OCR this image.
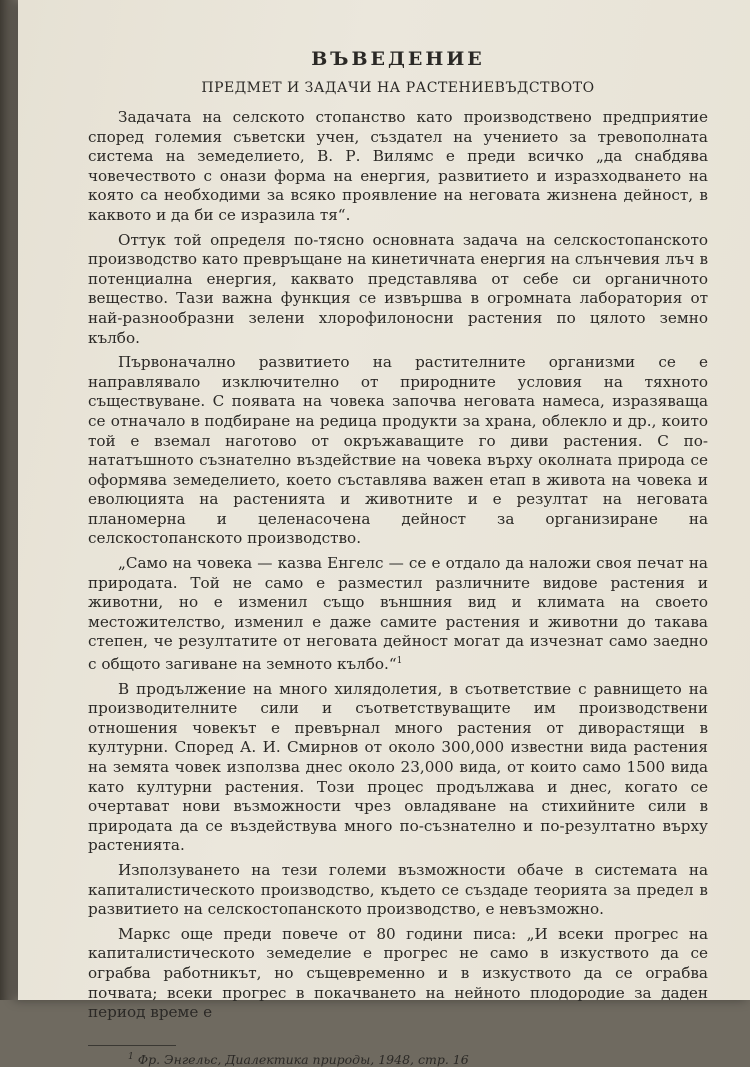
ВЪВЕДЕНИЕ
ПРЕДМЕТ И ЗАДАЧИ НА РАСТЕНИЕВЪДСТВОТО

Задачата на селското стопанство като производствено предприятие според големия съветски учен, създател на учението за тревополната система на земеделието, В. Р. Вилямс е преди всичко „да снабдява човечеството с онази форма на енергия, развитието и изразходването на която са необходими за всяко проявление на неговата жизнена дейност, в каквото и да би се изразила тя“.

Оттук той определя по-тясно основната задача на селскостопанското производство като превръщане на кинетичната енергия на слънчевия лъч в потенциална енергия, каквато представлява от себе си органичното вещество. Тази важна функция се извършва в огромната лаборатория от най-разнообразни зелени хлорофилоносни растения по цялото земно кълбо.

Първоначално развитието на растителните организми се е направлявало изключително от природните условия на тяхното съществуване. С появата на човека започва неговата намеса, изразяваща се отначало в подбиране на редица продукти за храна, облекло и др., които той е вземал наготово от окръжаващите го диви растения. С по-нататъшното съзнателно въздействие на човека върху околната природа се оформява земеделието, което съставлява важен етап в живота на човека и еволюцията на растенията и животните и е резултат на неговата планомерна и целенасочена дейност за организиране на селскостопанското производство.

„Само на човека — казва Енгелс — се е отдало да наложи своя печат на природата. Той не само е разместил различните видове растения и животни, но е изменил също външния вид и климата на своето местожителство, изменил е даже самите растения и животни до такава степен, че резултатите от неговата дейност могат да изчезнат само заедно с общото загиване на земното кълбо.“$^1$

В продължение на много хилядолетия, в съответствие с равнището на производителните сили и съответствуващите им производствени отношения човекът е превърнал много растения от диворастящи в културни. Според А. И. Смирнов от около 300,000 известни вида растения на земята човек използва днес около 23,000 вида, от които само 1500 вида като културни растения. Този процес продължава и днес, когато се очертават нови възможности чрез овладяване на стихийните сили в природата да се въздействува много по-съзнателно и по-резултатно върху растенията.

Използуването на тези големи възможности обаче в системата на капиталистическото производство, където се създаде теорията за предел в развитието на селскостопанското производство, е невъзможно.

Маркс още преди повече от 80 години писа: „И всеки прогрес на капиталистическото земеделие е прогрес не само в изкуството да се ограбва работникът, но същевременно и в изкуството да се ограбва почвата; всеки прогрес в покачването на нейното плодородие за даден период време е

$^1$ Фр. Энгельс, Диалектика природы, 1948, стр. 16
